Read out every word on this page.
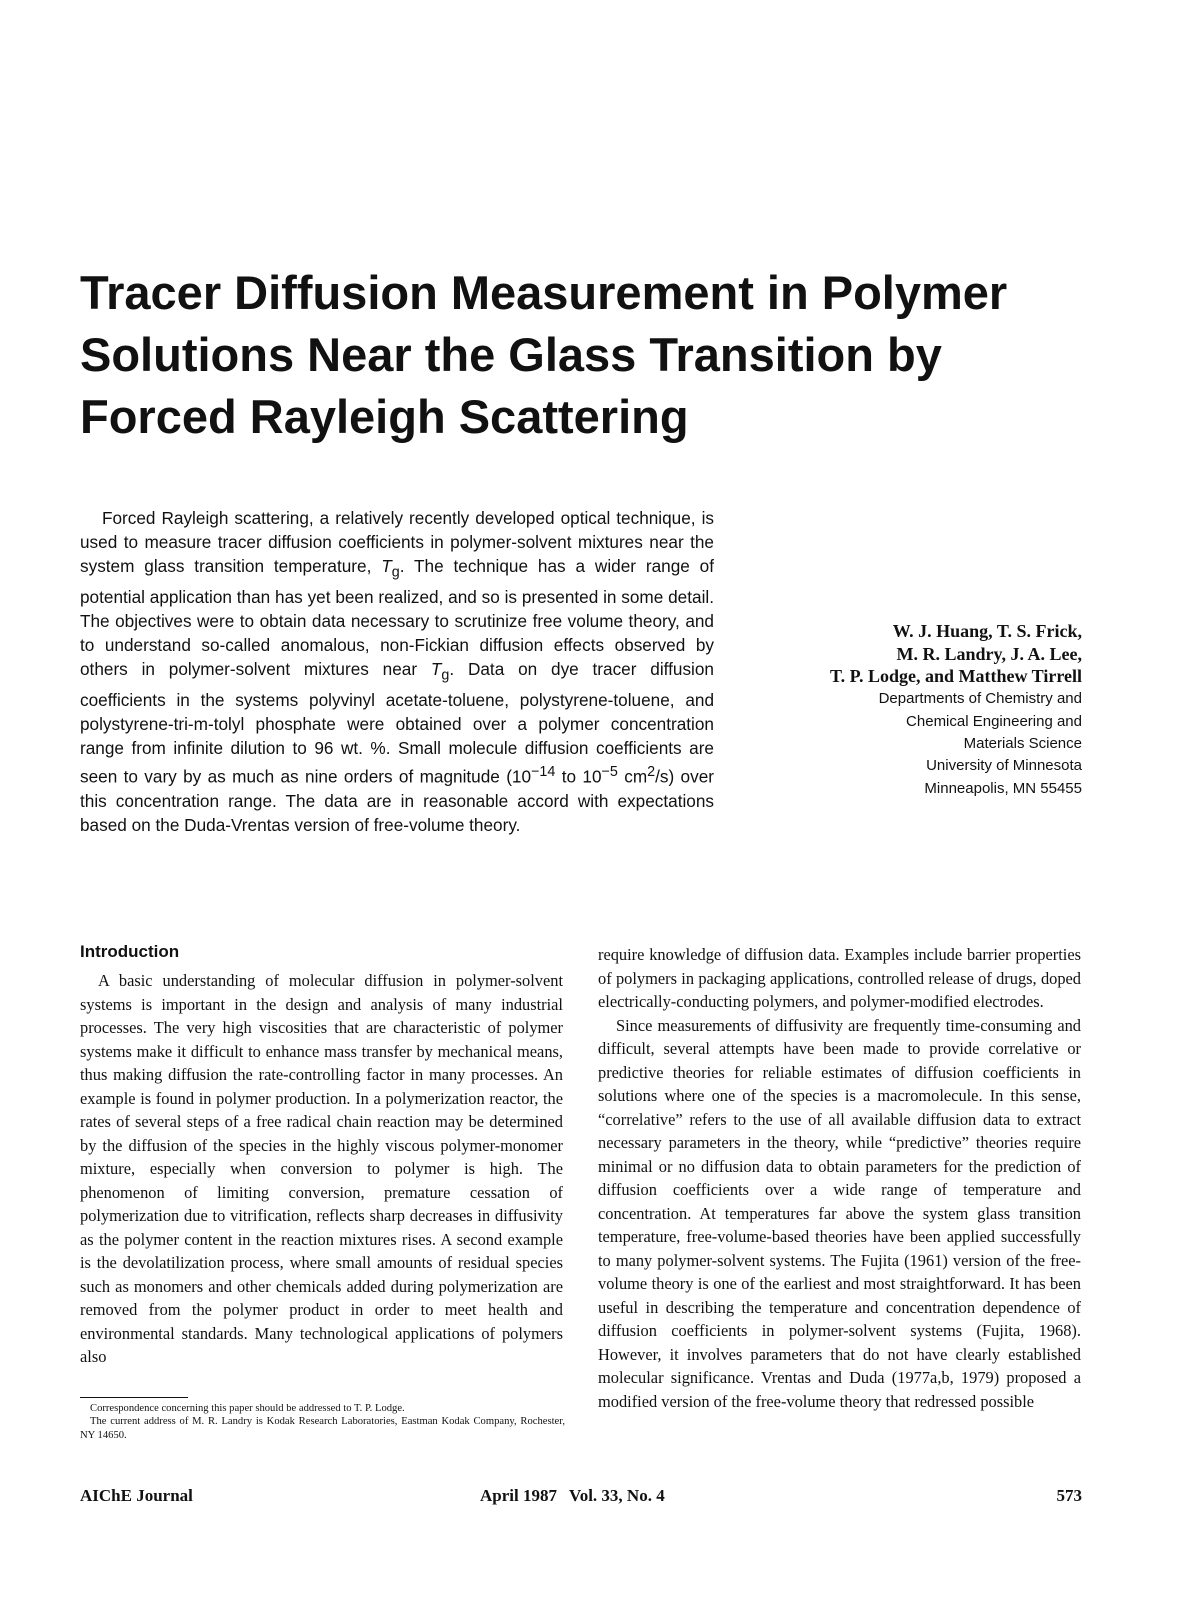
Tracer Diffusion Measurement in Polymer
Solutions Near the Glass Transition by
Forced Rayleigh Scattering

Forced Rayleigh scattering, a relatively recently developed optical technique, is used to measure tracer diffusion coefficients in polymer-solvent mixtures near the system glass transition temperature, $T_g$. The technique has a wider range of potential application than has yet been realized, and so is presented in some detail. The objectives were to obtain data necessary to scrutinize free volume theory, and to understand so-called anomalous, non-Fickian diffusion effects observed by others in polymer-solvent mixtures near $T_g$. Data on dye tracer diffusion coefficients in the systems polyvinyl acetate-toluene, polystyrene-toluene, and polystyrene-tri-m-tolyl phosphate were obtained over a polymer concentration range from infinite dilution to 96 wt. %. Small molecule diffusion coefficients are seen to vary by as much as nine orders of magnitude ($10^{-14}$ to $10^{-5}$ $cm^2/s$) over this concentration range. The data are in reasonable accord with expectations based on the Duda-Vrentas version of free-volume theory.

W. J. Huang, T. S. Frick,
M. R. Landry, J. A. Lee,
T. P. Lodge, and Matthew Tirrell
Departments of Chemistry and
Chemical Engineering and
Materials Science
University of Minnesota
Minneapolis, MN 55455
Introduction

A basic understanding of molecular diffusion in polymer-solvent systems is important in the design and analysis of many industrial processes. The very high viscosities that are characteristic of polymer systems make it difficult to enhance mass transfer by mechanical means, thus making diffusion the rate-controlling factor in many processes. An example is found in polymer production. In a polymerization reactor, the rates of several steps of a free radical chain reaction may be determined by the diffusion of the species in the highly viscous polymer-monomer mixture, especially when conversion to polymer is high. The phenomenon of limiting conversion, premature cessation of polymerization due to vitrification, reflects sharp decreases in diffusivity as the polymer content in the reaction mixtures rises. A second example is the devolatilization process, where small amounts of residual species such as monomers and other chemicals added during polymerization are removed from the polymer product in order to meet health and environmental standards. Many technological applications of polymers also

require knowledge of diffusion data. Examples include barrier properties of polymers in packaging applications, controlled release of drugs, doped electrically-conducting polymers, and polymer-modified electrodes.

Since measurements of diffusivity are frequently time-consuming and difficult, several attempts have been made to provide correlative or predictive theories for reliable estimates of diffusion coefficients in solutions where one of the species is a macromolecule. In this sense, “correlative” refers to the use of all available diffusion data to extract necessary parameters in the theory, while “predictive” theories require minimal or no diffusion data to obtain parameters for the prediction of diffusion coefficients over a wide range of temperature and concentration. At temperatures far above the system glass transition temperature, free-volume-based theories have been applied successfully to many polymer-solvent systems. The Fujita (1961) version of the free-volume theory is one of the earliest and most straightforward. It has been useful in describing the temperature and concentration dependence of diffusion coefficients in polymer-solvent systems (Fujita, 1968). However, it involves parameters that do not have clearly established molecular significance. Vrentas and Duda (1977a,b, 1979) proposed a modified version of the free-volume theory that redressed possible

Correspondence concerning this paper should be addressed to T. P. Lodge.

The current address of M. R. Landry is Kodak Research Laboratories, Eastman Kodak Company, Rochester, NY 14650.

AIChE Journal	April 1987 Vol. 33, No. 4	573
